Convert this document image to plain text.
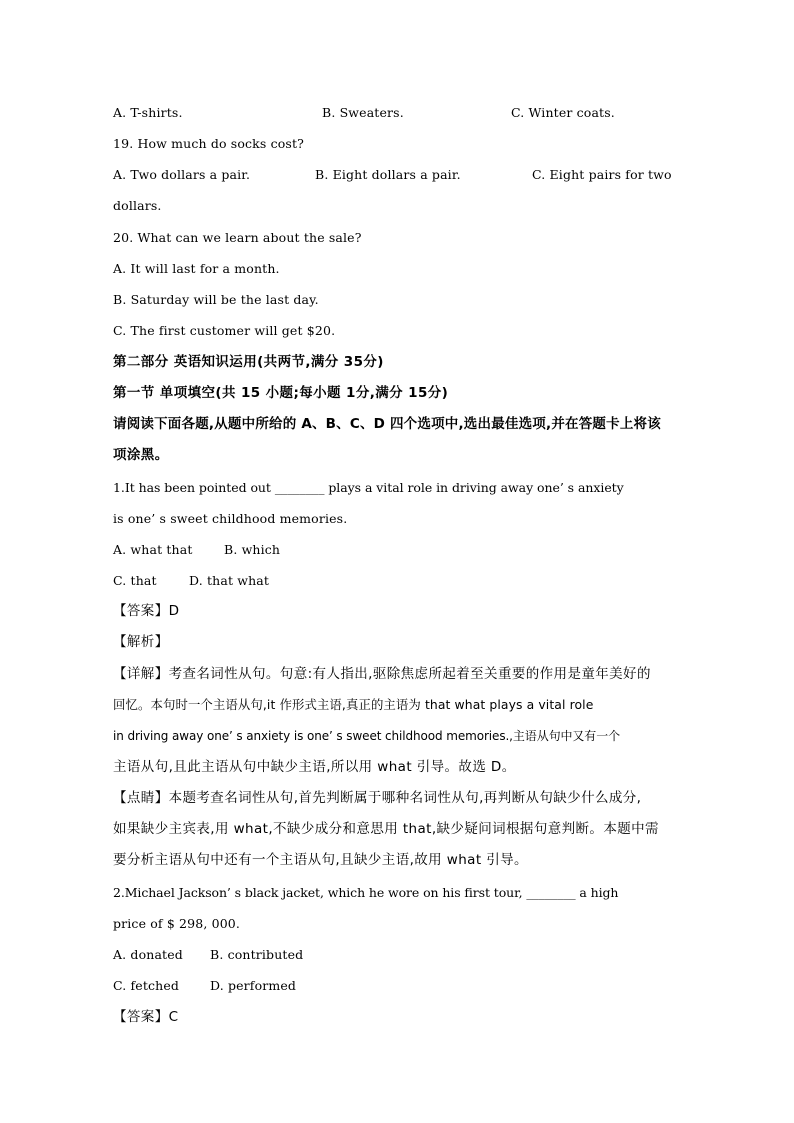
A. T-shirts.	B. Sweaters.	C. Winter coats.
19. How much do socks cost?
A. Two dollars a pair.	B. Eight dollars a pair.	C. Eight pairs for two
dollars.
20. What can we learn about the sale?
A. It will last for a month.
B. Saturday will be the last day.
C. The first customer will get $20.
第二部分 英语知识运用(共两节,满分 35分)
第一节 单项填空(共 15 小题;每小题 1分,满分 15分)
请阅读下面各题,从题中所给的 A、B、C、D 四个选项中,选出最佳选项,并在答题卡上将该
项涂黑。
1.It has been pointed out ________ plays a vital role in driving away one’ s anxiety
is one’ s sweet childhood memories.
A. what that	B. which
C. that	D. that what
【答案】D
【解析】
【详解】考查名词性从句。句意:有人指出,驱除焦虑所起着至关重要的作用是童年美好的
回忆。本句时一个主语从句,it 作形式主语,真正的主语为 that what plays a vital role
in driving away one’ s anxiety is one’ s sweet childhood memories.,主语从句中又有一个
主语从句,且此主语从句中缺少主语,所以用 what 引导。故选 D。
【点睛】本题考查名词性从句,首先判断属于哪种名词性从句,再判断从句缺少什么成分,
如果缺少主宾表,用 what,不缺少成分和意思用 that,缺少疑问词根据句意判断。本题中需
要分析主语从句中还有一个主语从句,且缺少主语,故用 what 引导。
2.Michael Jackson’ s black jacket, which he wore on his first tour, ________ a high
price of $ 298, 000.
A. donated B. contributed
C. fetched D. performed
【答案】C
